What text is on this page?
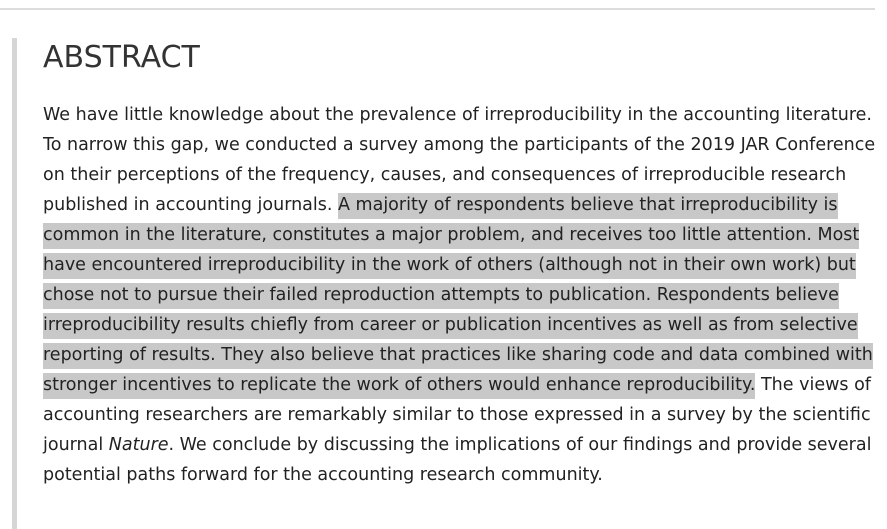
ABSTRACT

We have little knowledge about the prevalence of irreproducibility in the accounting literature. To narrow this gap, we conducted a survey among the participants of the 2019 JAR Conference on their perceptions of the frequency, causes, and consequences of irreproducible research published in accounting journals. A majority of respondents believe that irreproducibility is common in the literature, constitutes a major problem, and receives too little attention. Most have encountered irreproducibility in the work of others (although not in their own work) but chose not to pursue their failed reproduction attempts to publication. Respondents believe irreproducibility results chiefly from career or publication incentives as well as from selective reporting of results. They also believe that practices like sharing code and data combined with stronger incentives to replicate the work of others would enhance reproducibility. The views of accounting researchers are remarkably similar to those expressed in a survey by the scientific journal Nature. We conclude by discussing the implications of our findings and provide several potential paths forward for the accounting research community.
